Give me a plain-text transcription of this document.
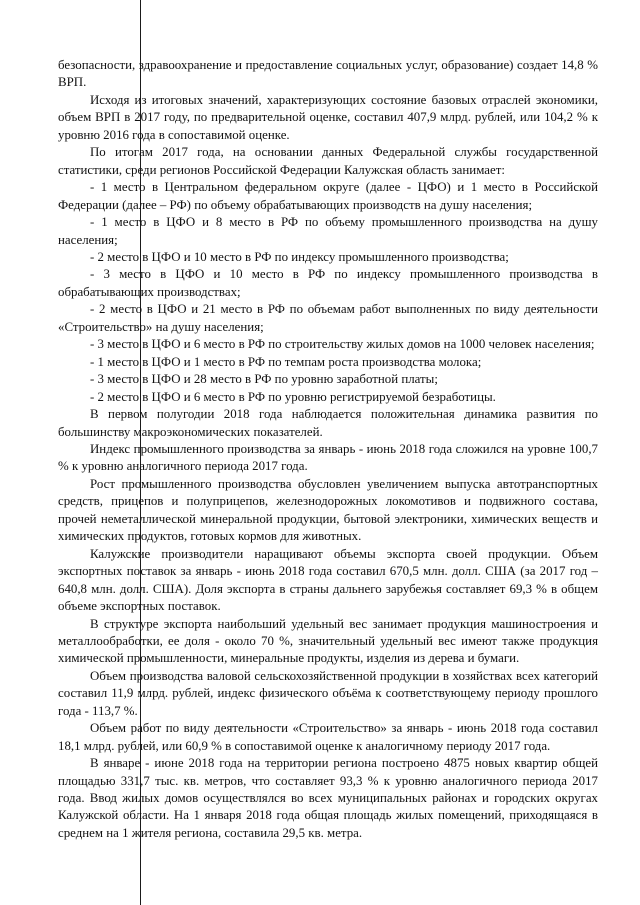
безопасности, здравоохранение и предоставление социальных услуг, образование) создает 14,8 % ВРП.

Исходя из итоговых значений, характеризующих состояние базовых отраслей экономики, объем ВРП в 2017 году, по предварительной оценке, составил 407,9 млрд. рублей, или 104,2 % к уровню 2016 года в сопоставимой оценке.

По итогам 2017 года, на основании данных Федеральной службы государственной статистики, среди регионов Российской Федерации Калужская область занимает:

- 1 место в Центральном федеральном округе (далее - ЦФО) и 1 место в Российской Федерации (далее – РФ) по объему обрабатывающих производств на душу населения;

- 1 место в ЦФО и 8 место в РФ по объему промышленного производства на душу населения;

- 2 место в ЦФО и 10 место в РФ по индексу промышленного производства;

- 3 место в ЦФО и 10 место в РФ по индексу промышленного производства в обрабатывающих производствах;

- 2 место в ЦФО и 21 место в РФ по объемам работ выполненных по виду деятельности «Строительство» на душу населения;

- 3 место в ЦФО и 6 место в РФ по строительству жилых домов на 1000 человек населения;

- 1 место в ЦФО и 1 место в РФ по темпам роста производства молока;

- 3 место в ЦФО и 28 место в РФ по уровню заработной платы;

- 2 место в ЦФО и 6 место в РФ по уровню регистрируемой безработицы.

В первом полугодии 2018 года наблюдается положительная динамика развития по большинству макроэкономических показателей.

Индекс промышленного производства за январь - июнь 2018 года сложился на уровне 100,7 % к уровню аналогичного периода 2017 года.

Рост промышленного производства обусловлен увеличением выпуска автотранспортных средств, прицепов и полуприцепов, железнодорожных локомотивов и подвижного состава, прочей неметаллической минеральной продукции, бытовой электроники, химических веществ и химических продуктов, готовых кормов для животных.

Калужские производители наращивают объемы экспорта своей продукции. Объем экспортных поставок за январь - июнь 2018 года составил 670,5 млн. долл. США (за 2017 год – 640,8 млн. долл. США). Доля экспорта в страны дальнего зарубежья составляет 69,3 % в общем объеме экспортных поставок.

В структуре экспорта наибольший удельный вес занимает продукция машиностроения и металлообработки, ее доля - около 70 %, значительный удельный вес имеют также продукция химической промышленности, минеральные продукты, изделия из дерева и бумаги.

Объем производства валовой сельскохозяйственной продукции в хозяйствах всех категорий составил 11,9 млрд. рублей, индекс физического объёма к соответствующему периоду прошлого года - 113,7 %.

Объем работ по виду деятельности «Строительство» за январь - июнь 2018 года составил 18,1 млрд. рублей, или 60,9 % в сопоставимой оценке к аналогичному периоду 2017 года.

В январе - июне 2018 года на территории региона построено 4875 новых квартир общей площадью 331,7 тыс. кв. метров, что составляет 93,3 % к уровню аналогичного периода 2017 года. Ввод жилых домов осуществлялся во всех муниципальных районах и городских округах Калужской области. На 1 января 2018 года общая площадь жилых помещений, приходящаяся в среднем на 1 жителя региона, составила 29,5 кв. метра.
